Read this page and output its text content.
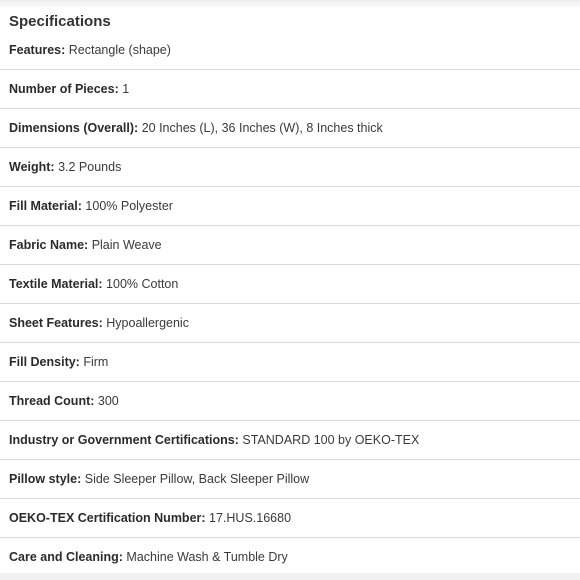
Specifications
Features: Rectangle (shape)
Number of Pieces: 1
Dimensions (Overall): 20 Inches (L), 36 Inches (W), 8 Inches thick
Weight: 3.2 Pounds
Fill Material: 100% Polyester
Fabric Name: Plain Weave
Textile Material: 100% Cotton
Sheet Features: Hypoallergenic
Fill Density: Firm
Thread Count: 300
Industry or Government Certifications: STANDARD 100 by OEKO-TEX
Pillow style: Side Sleeper Pillow, Back Sleeper Pillow
OEKO-TEX Certification Number: 17.HUS.16680
Care and Cleaning: Machine Wash & Tumble Dry
